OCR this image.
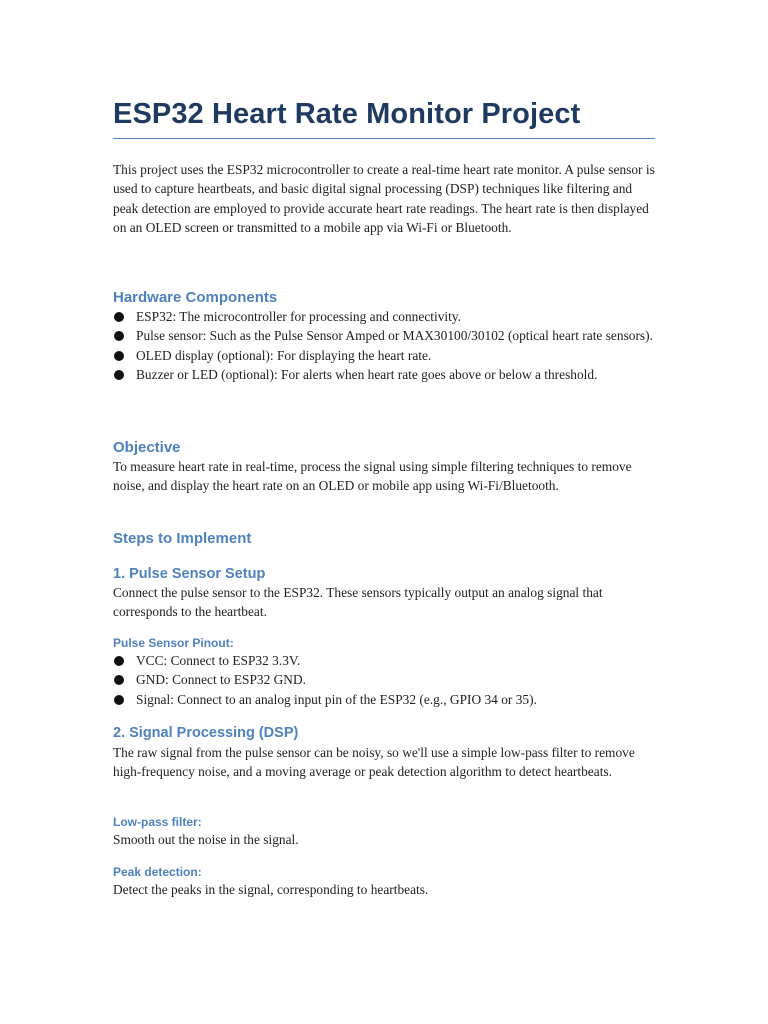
ESP32 Heart Rate Monitor Project

This project uses the ESP32 microcontroller to create a real-time heart rate monitor. A pulse sensor is used to capture heartbeats, and basic digital signal processing (DSP) techniques like filtering and peak detection are employed to provide accurate heart rate readings. The heart rate is then displayed on an OLED screen or transmitted to a mobile app via Wi-Fi or Bluetooth.

Hardware Components
ESP32: The microcontroller for processing and connectivity.
Pulse sensor: Such as the Pulse Sensor Amped or MAX30100/30102 (optical heart rate sensors).
OLED display (optional): For displaying the heart rate.
Buzzer or LED (optional): For alerts when heart rate goes above or below a threshold.
Objective

To measure heart rate in real-time, process the signal using simple filtering techniques to remove noise, and display the heart rate on an OLED or mobile app using Wi-Fi/Bluetooth.

Steps to Implement
1. Pulse Sensor Setup

Connect the pulse sensor to the ESP32. These sensors typically output an analog signal that corresponds to the heartbeat.

Pulse Sensor Pinout:
VCC: Connect to ESP32 3.3V.
GND: Connect to ESP32 GND.
Signal: Connect to an analog input pin of the ESP32 (e.g., GPIO 34 or 35).
2. Signal Processing (DSP)

The raw signal from the pulse sensor can be noisy, so we'll use a simple low-pass filter to remove high-frequency noise, and a moving average or peak detection algorithm to detect heartbeats.

Low-pass filter:

Smooth out the noise in the signal.

Peak detection:

Detect the peaks in the signal, corresponding to heartbeats.
